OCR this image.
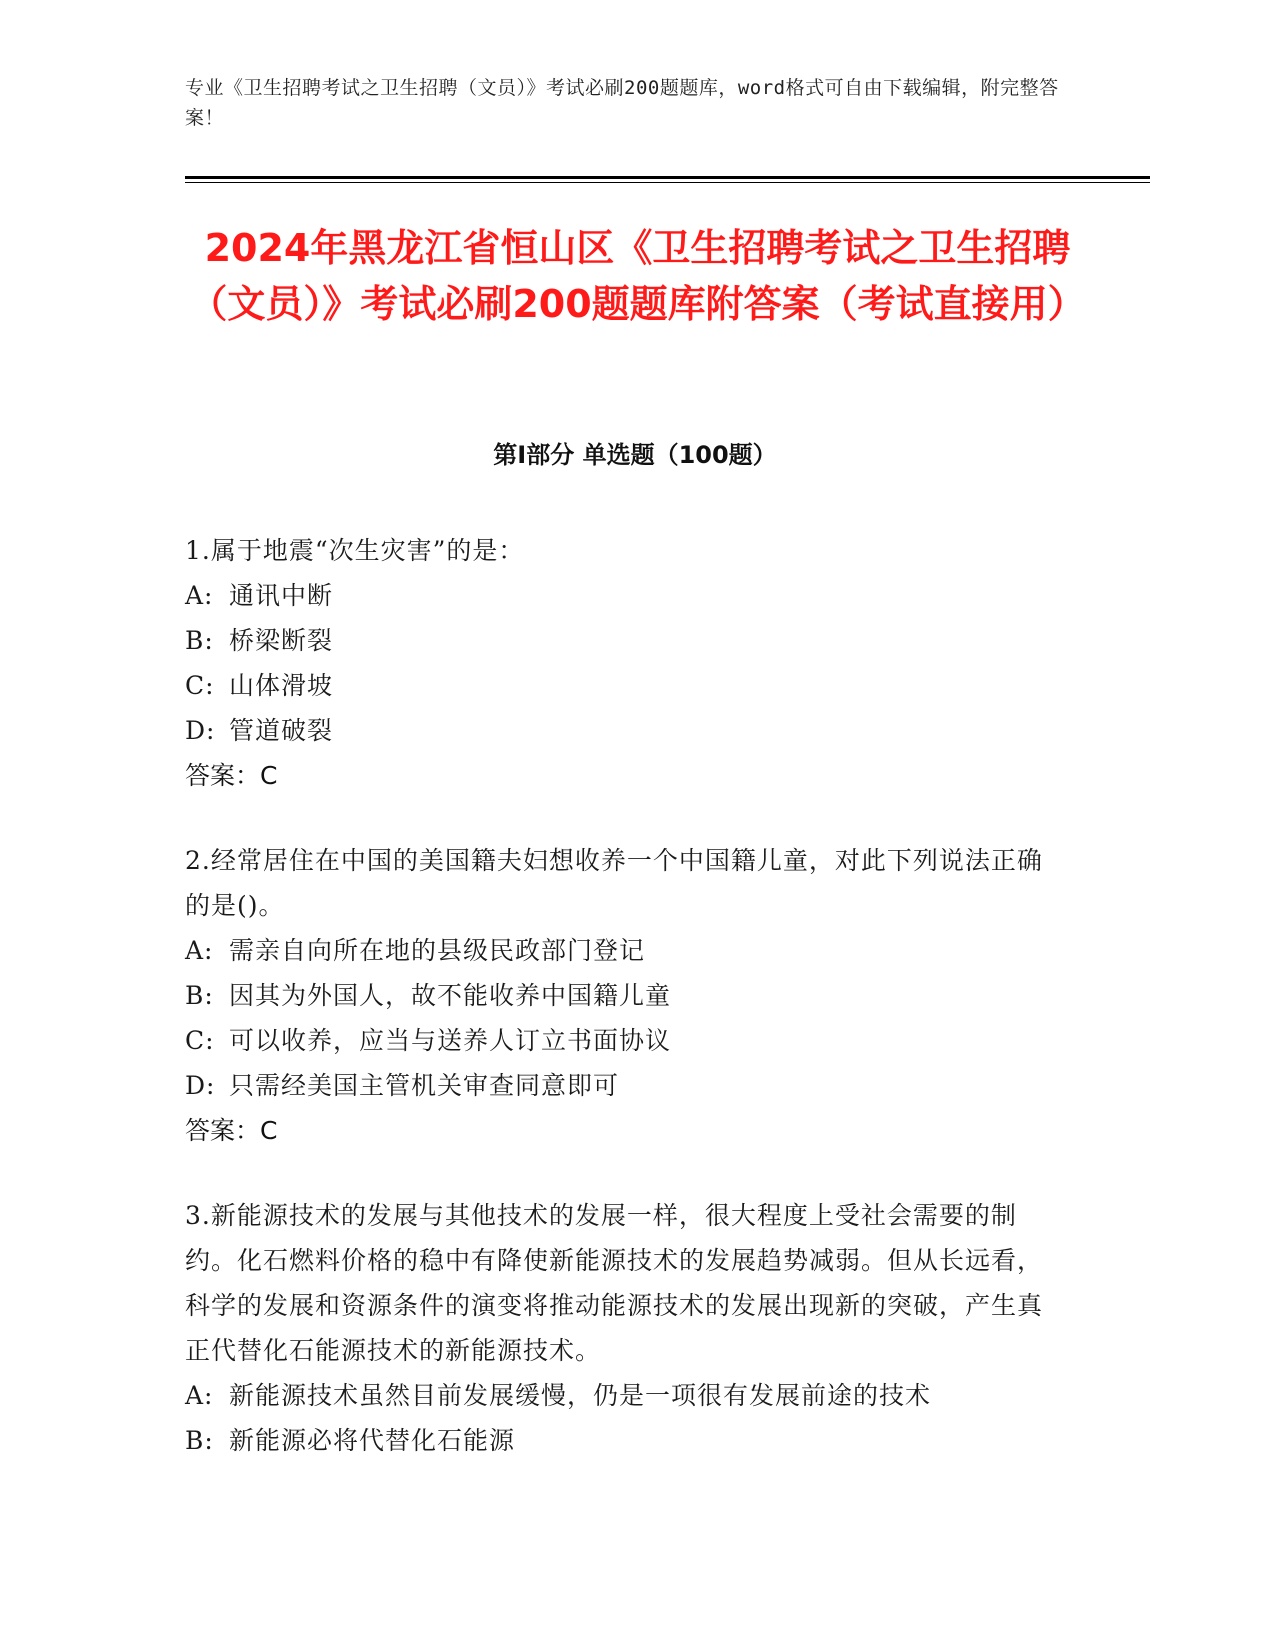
专业《卫生招聘考试之卫生招聘（文员）》考试必刷200题题库，word格式可自由下载编辑，附完整答案！
2024年黑龙江省恒山区《卫生招聘考试之卫生招聘（文员）》考试必刷200题题库附答案（考试直接用）
第Ⅰ部分 单选题（100题）
1.属于地震“次生灾害”的是：
A: 通讯中断
B: 桥梁断裂
C: 山体滑坡
D: 管道破裂
答案：C
2.经常居住在中国的美国籍夫妇想收养一个中国籍儿童，对此下列说法正确的是()。
A: 需亲自向所在地的县级民政部门登记
B: 因其为外国人，故不能收养中国籍儿童
C: 可以收养，应当与送养人订立书面协议
D: 只需经美国主管机关审查同意即可
答案：C
3.新能源技术的发展与其他技术的发展一样，很大程度上受社会需要的制约。化石燃料价格的稳中有降使新能源技术的发展趋势减弱。但从长远看，科学的发展和资源条件的演变将推动能源技术的发展出现新的突破，产生真正代替化石能源技术的新能源技术。
A: 新能源技术虽然目前发展缓慢，仍是一项很有发展前途的技术
B: 新能源必将代替化石能源
